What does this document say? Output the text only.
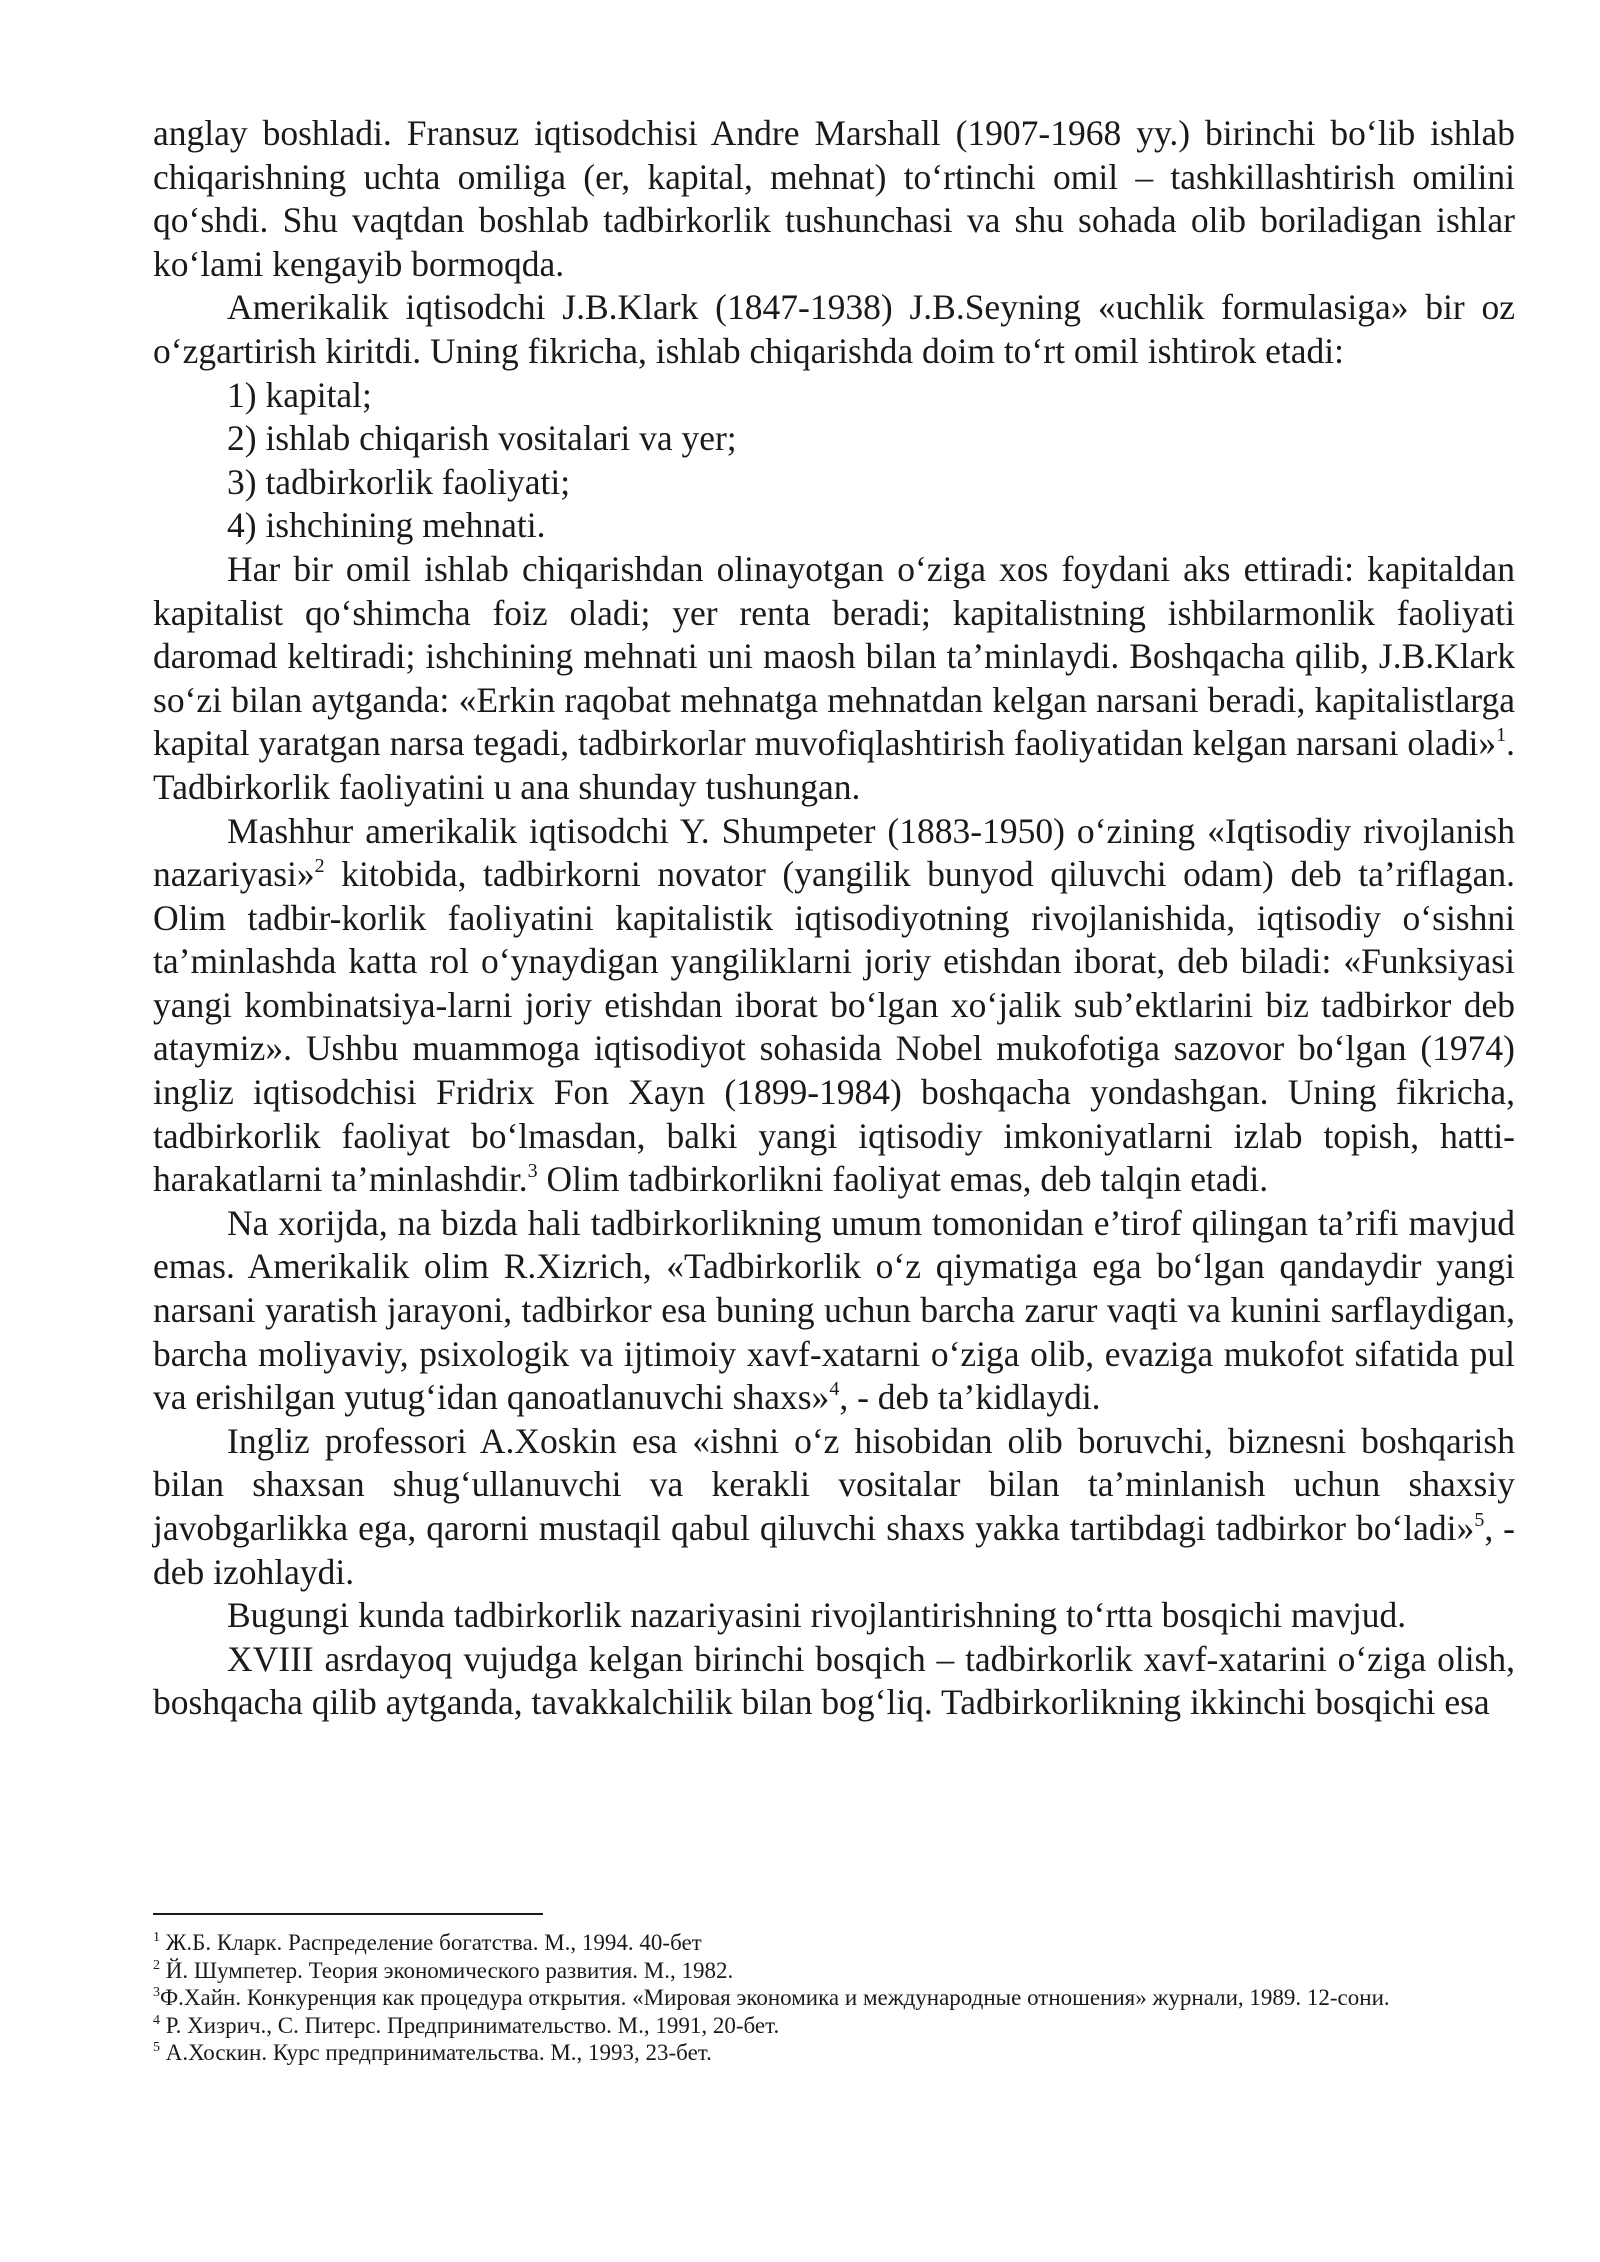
anglay boshladi. Fransuz iqtisodchisi Andre Marshall (1907-1968 yy.) birinchi bo‘lib ishlab chiqarishning uchta omiliga (er, kapital, mehnat) to‘rtinchi omil – tashkillashtirish omilini qo‘shdi. Shu vaqtdan boshlab tadbirkorlik tushunchasi va shu sohada olib boriladigan ishlar ko‘lami kengayib bormoqda.

Amerikalik iqtisodchi J.B.Klark (1847-1938) J.B.Seyning «uchlik formulasiga» bir oz o‘zgartirish kiritdi. Uning fikricha, ishlab chiqarishda doim to‘rt omil ishtirok etadi:

1) kapital;

2) ishlab chiqarish vositalari va yer;

3) tadbirkorlik faoliyati;

4) ishchining mehnati.

Har bir omil ishlab chiqarishdan olinayotgan o‘ziga xos foydani aks ettiradi: kapitaldan kapitalist qo‘shimcha foiz oladi; yer renta beradi; kapitalistning ishbilarmonlik faoliyati daromad keltiradi; ishchining mehnati uni maosh bilan ta’minlaydi. Boshqacha qilib, J.B.Klark so‘zi bilan aytganda: «Erkin raqobat mehnatga mehnatdan kelgan narsani beradi, kapitalistlarga kapital yaratgan narsa tegadi, tadbirkorlar muvofiqlashtirish faoliyatidan kelgan narsani oladi»$^1$. Tadbirkorlik faoliyatini u ana shunday tushungan.

Mashhur amerikalik iqtisodchi Y. Shumpeter (1883-1950) o‘zining «Iqtisodiy rivojlanish nazariyasi»$^2$ kitobida, tadbirkorni novator (yangilik bunyod qiluvchi odam) deb ta’riflagan. Olim tadbir-korlik faoliyatini kapitalistik iqtisodiyotning rivojlanishida, iqtisodiy o‘sishni ta’minlashda katta rol o‘ynaydigan yangiliklarni joriy etishdan iborat, deb biladi: «Funksiyasi yangi kombinatsiya-larni joriy etishdan iborat bo‘lgan xo‘jalik sub’ektlarini biz tadbirkor deb ataymiz». Ushbu muammoga iqtisodiyot sohasida Nobel mukofotiga sazovor bo‘lgan (1974) ingliz iqtisodchisi Fridrix Fon Xayn (1899-1984) boshqacha yondashgan. Uning fikricha, tadbirkorlik faoliyat bo‘lmasdan, balki yangi iqtisodiy imkoniyatlarni izlab topish, hatti-harakatlarni ta’minlashdir.$^3$ Olim tadbirkorlikni faoliyat emas, deb talqin etadi.

Na xorijda, na bizda hali tadbirkorlikning umum tomonidan e’tirof qilingan ta’rifi mavjud emas. Amerikalik olim R.Xizrich, «Tadbirkorlik o‘z qiymatiga ega bo‘lgan qandaydir yangi narsani yaratish jarayoni, tadbirkor esa buning uchun barcha zarur vaqti va kunini sarflaydigan, barcha moliyaviy, psixologik va ijtimoiy xavf-xatarni o‘ziga olib, evaziga mukofot sifatida pul va erishilgan yutug‘idan qanoatlanuvchi shaxs»$^4$, - deb ta’kidlaydi.

Ingliz professori A.Xoskin esa «ishni o‘z hisobidan olib boruvchi, biznesni boshqarish bilan shaxsan shug‘ullanuvchi va kerakli vositalar bilan ta’minlanish uchun shaxsiy javobgarlikka ega, qarorni mustaqil qabul qiluvchi shaxs yakka tartibdagi tadbirkor bo‘ladi»$^5$, - deb izohlaydi.

Bugungi kunda tadbirkorlik nazariyasini rivojlantirishning to‘rtta bosqichi mavjud.

XVIII asrdayoq vujudga kelgan birinchi bosqich – tadbirkorlik xavf-xatarini o‘ziga olish, boshqacha qilib aytganda, tavakkalchilik bilan bog‘liq. Tadbirkorlikning ikkinchi bosqichi esa

$^1$ Ж.Б. Кларк. Распределение богатства. М., 1994. 40-бет

$^2$ Й. Шумпетер. Теория экономического развития. М., 1982.

$^3$Ф.Хайн. Конкуренция как процедура открытия. «Мировая экономика и международные отношения» журнали, 1989. 12-сони.

$^4$ Р. Хизрич., С. Питерс. Предпринимательство. М., 1991, 20-бет.

$^5$ А.Хоскин. Курс предпринимательства. М., 1993, 23-бет.
